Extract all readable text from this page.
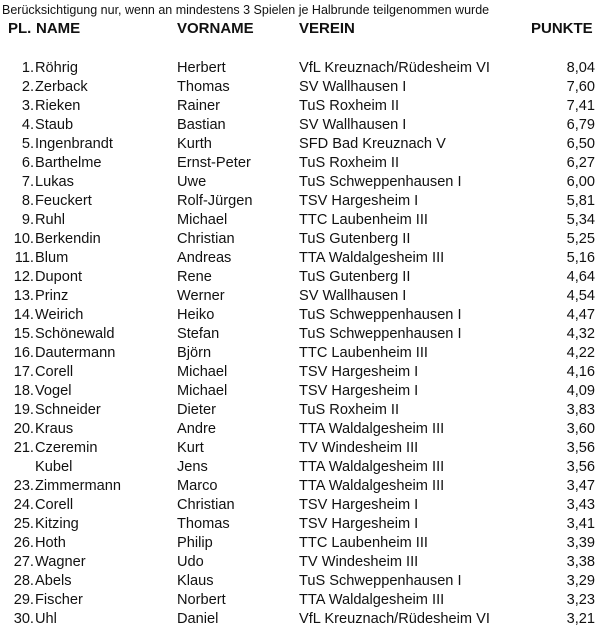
Berücksichtigung nur, wenn an mindestens 3 Spielen je Halbrunde teilgenommen wurde
PL. NAME	VORNAME	VEREIN	PUNKTE
1. Röhrig	Herbert	VfL Kreuznach/Rüdesheim VI	8,04
2. Zerback	Thomas	SV Wallhausen I	7,60
3. Rieken	Rainer	TuS Roxheim II	7,41
4. Staub	Bastian	SV Wallhausen I	6,79
5. Ingenbrandt	Kurth	SFD Bad Kreuznach V	6,50
6. Barthelme	Ernst-Peter	TuS Roxheim II	6,27
7. Lukas	Uwe	TuS Schweppenhausen I	6,00
8. Feuckert	Rolf-Jürgen	TSV Hargesheim I	5,81
9. Ruhl	Michael	TTC Laubenheim III	5,34
10. Berkendin	Christian	TuS Gutenberg II	5,25
11. Blum	Andreas	TTA Waldalgesheim III	5,16
12. Dupont	Rene	TuS Gutenberg II	4,64
13. Prinz	Werner	SV Wallhausen I	4,54
14. Weirich	Heiko	TuS Schweppenhausen I	4,47
15. Schönewald	Stefan	TuS Schweppenhausen I	4,32
16. Dautermann	Björn	TTC Laubenheim III	4,22
17. Corell	Michael	TSV Hargesheim I	4,16
18. Vogel	Michael	TSV Hargesheim I	4,09
19. Schneider	Dieter	TuS Roxheim II	3,83
20. Kraus	Andre	TTA Waldalgesheim III	3,60
21. Czeremin	Kurt	TV Windesheim III	3,56
Kubel	Jens	TTA Waldalgesheim III	3,56
23. Zimmermann	Marco	TTA Waldalgesheim III	3,47
24. Corell	Christian	TSV Hargesheim I	3,43
25. Kitzing	Thomas	TSV Hargesheim I	3,41
26. Hoth	Philip	TTC Laubenheim III	3,39
27. Wagner	Udo	TV Windesheim III	3,38
28. Abels	Klaus	TuS Schweppenhausen I	3,29
29. Fischer	Norbert	TTA Waldalgesheim III	3,23
30. Uhl	Daniel	VfL Kreuznach/Rüdesheim VI	3,21
